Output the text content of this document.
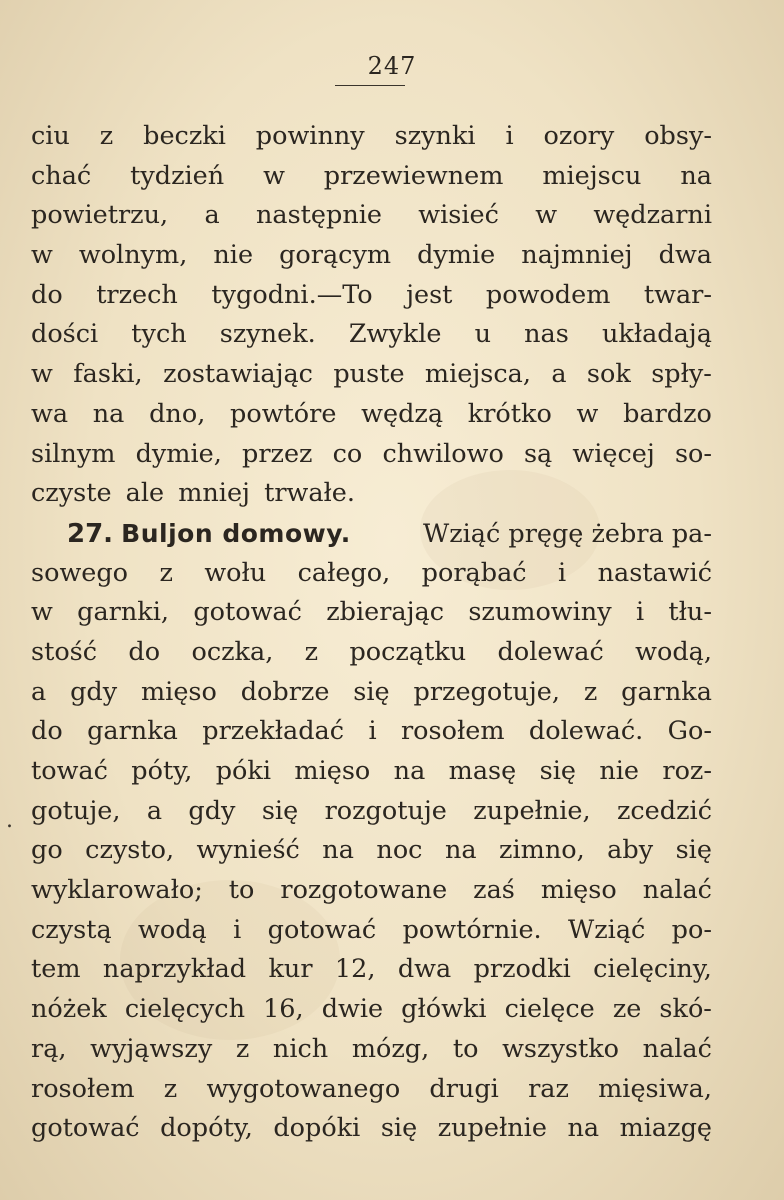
247
.
ciu z beczki powinny szynki i ozory obsy-
chać tydzień w przewiewnem miejscu na
powietrzu, a następnie wisieć w wędzarni
w wolnym, nie gorącym dymie najmniej dwa
do trzech tygodni.—To jest powodem twar-
dości tych szynek. Zwykle u nas układają
w faski, zostawiając puste miejsca, a sok spły-
wa na dno, powtóre wędzą krótko w bardzo
silnym dymie, przez co chwilowo są więcej so-
czyste ale mniej trwałe.
27. Buljon domowy.	Wziąć pręgę żebra pa-
sowego z wołu całego, porąbać i nastawić
w garnki, gotować zbierając szumowiny i tłu-
stość do oczka, z początku dolewać wodą,
a gdy mięso dobrze się przegotuje, z garnka
do garnka przekładać i rosołem dolewać. Go-
tować póty, póki mięso na masę się nie roz-
gotuje, a gdy się rozgotuje zupełnie, zcedzić
go czysto, wynieść na noc na zimno, aby się
wyklarowało; to rozgotowane zaś mięso nalać
czystą wodą i gotować powtórnie. Wziąć po-
tem naprzykład kur 12, dwa przodki cielęciny,
nóżek cielęcych 16, dwie główki cielęce ze skó-
rą, wyjąwszy z nich mózg, to wszystko nalać
rosołem z wygotowanego drugi raz mięsiwa,
gotować dopóty, dopóki się zupełnie na miazgę
